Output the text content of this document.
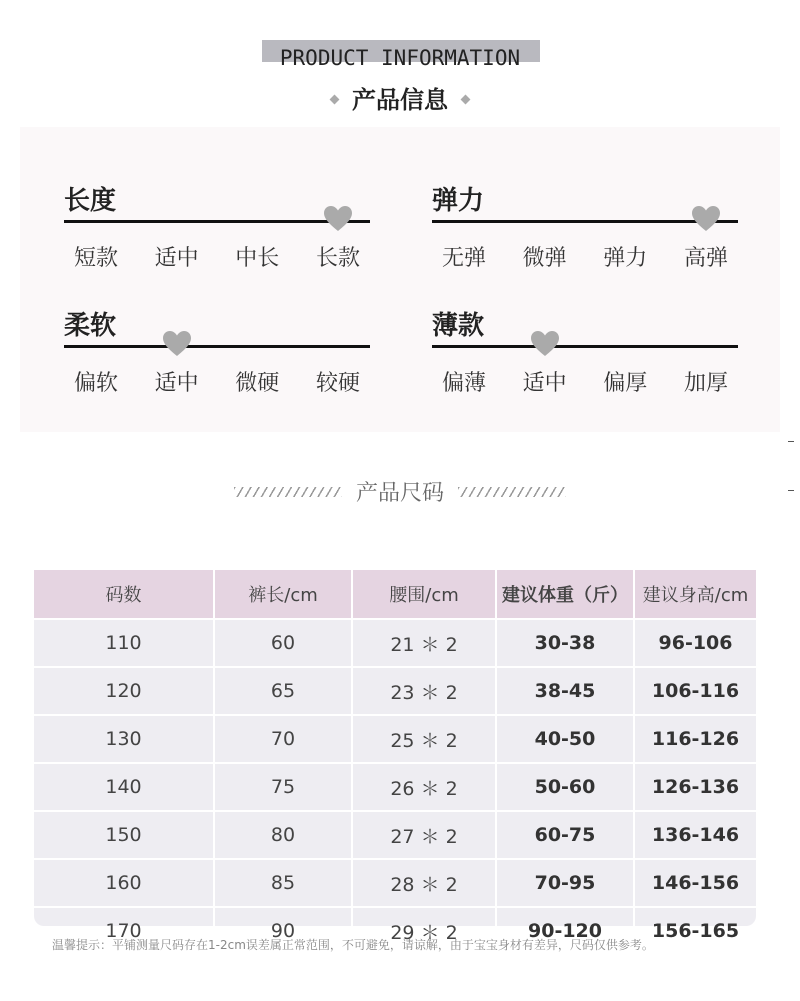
PRODUCT INFORMATION
产品信息
长度
短款	适中	中长	长款
弹力
无弹	微弹	弹力	高弹
柔软
偏软	适中	微硬	较硬
薄款
偏薄	适中	偏厚	加厚
产品尺码
码数	裤长/cm	腰围/cm	建议体重（斤）	建议身高/cm
110	60	21 ＊ 2	30-38	96-106
120	65	23 ＊ 2	38-45	106-116
130	70	25 ＊ 2	40-50	116-126
140	75	26 ＊ 2	50-60	126-136
150	80	27 ＊ 2	60-75	136-146
160	85	28 ＊ 2	70-95	146-156
170	90	29 ＊ 2	90-120	156-165
温馨提示：平铺测量尺码存在1-2cm误差属正常范围，不可避免，请谅解，由于宝宝身材有差异，尺码仅供参考。
